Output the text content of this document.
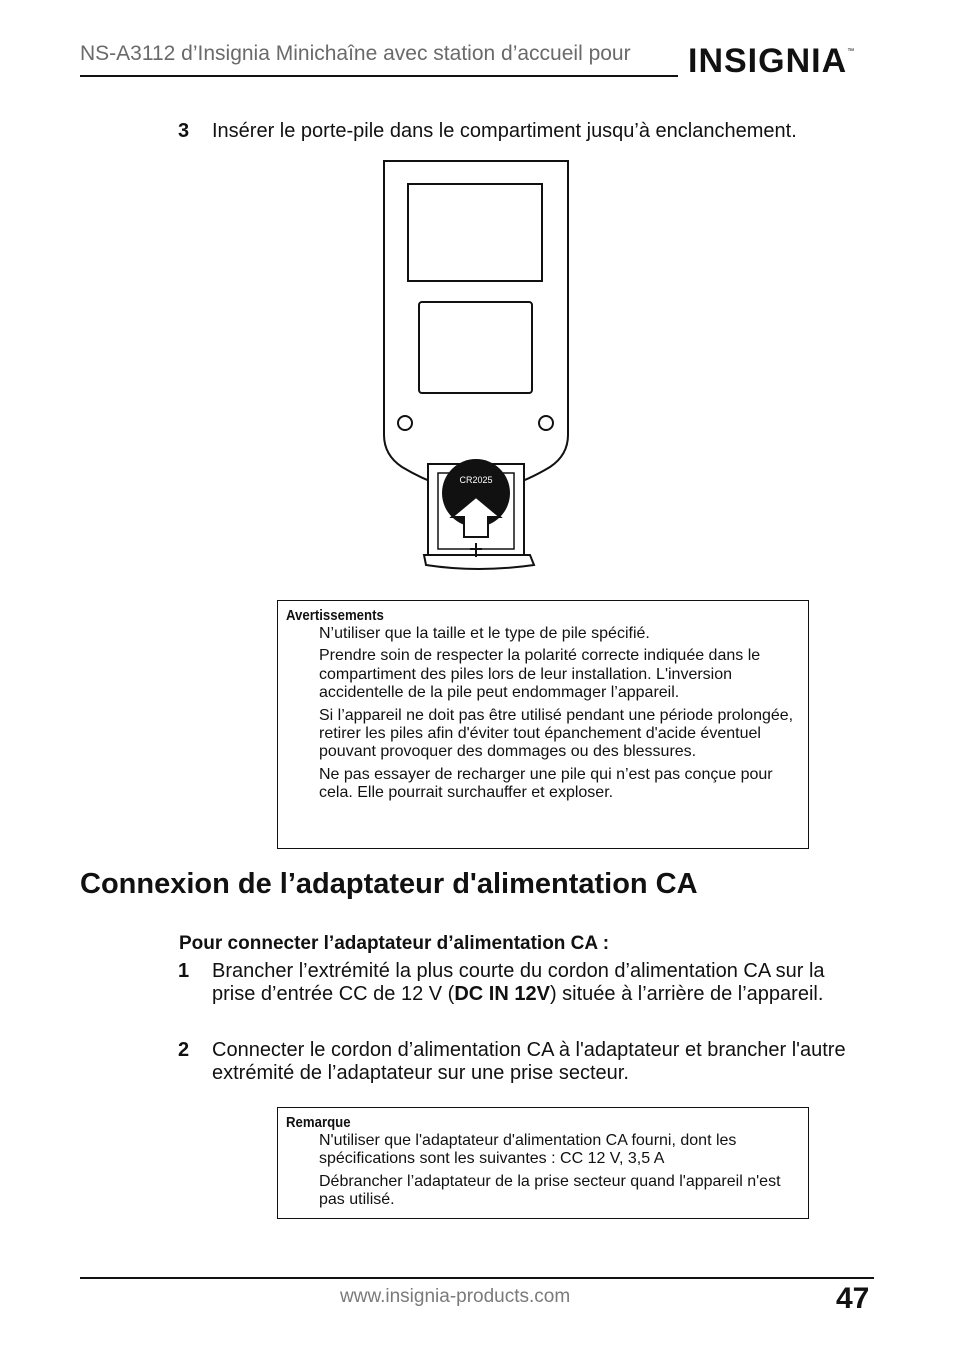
NS-A3112 d’Insignia Minichaîne avec station d’accueil pour INSIGNIA™
3 Insérer le porte-pile dans le compartiment jusqu’à enclanchement.
CR2025
Avertissements

N’utiliser que la taille et le type de pile spécifié.

Prendre soin de respecter la polarité correcte indiquée dans le compartiment des piles lors de leur installation. L'inversion accidentelle de la pile peut endommager l’appareil.

Si l’appareil ne doit pas être utilisé pendant une période prolongée, retirer les piles afin d'éviter tout épanchement d'acide éventuel pouvant provoquer des dommages ou des blessures.

Ne pas essayer de recharger une pile qui n’est pas conçue pour cela. Elle pourrait surchauffer et exploser.

Connexion de l’adaptateur d'alimentation CA
Pour connecter l’adaptateur d’alimentation CA :
1 Brancher l’extrémité la plus courte du cordon d’alimentation CA sur la prise d’entrée CC de 12 V (DC IN 12V) située à l’arrière de l’appareil.
2 Connecter le cordon d’alimentation CA à l'adaptateur et brancher l'autre extrémité de l’adaptateur sur une prise secteur.
Remarque

N'utiliser que l'adaptateur d'alimentation CA fourni, dont les spécifications sont les suivantes : CC 12 V, 3,5 A

Débrancher l’adaptateur de la prise secteur quand l'appareil n'est pas utilisé.

www.insignia-products.com	47
